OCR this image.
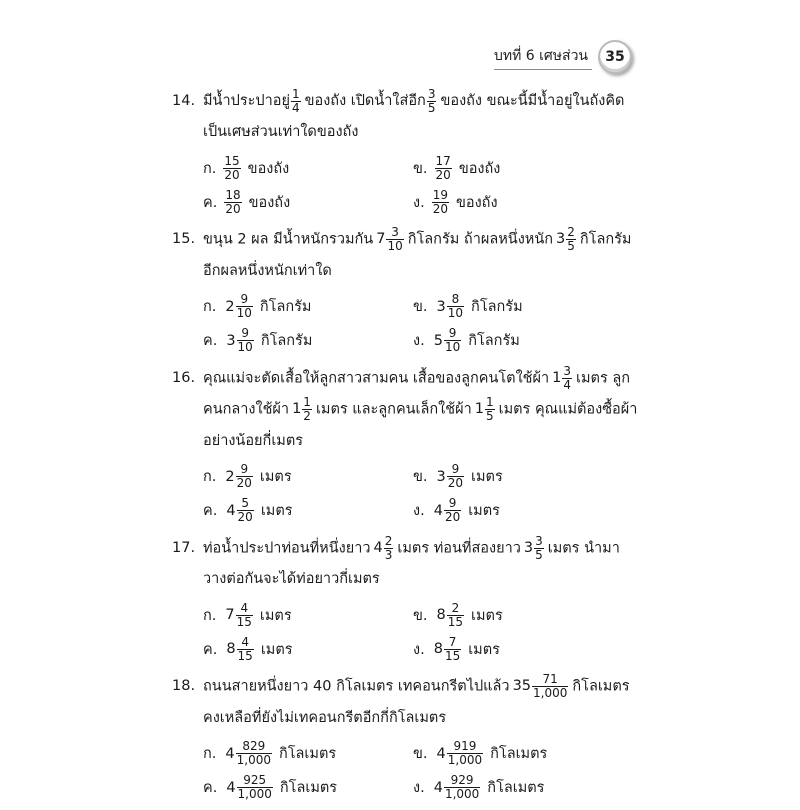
บทที่ 6 เศษส่วน	35
14. มีน้ำประปาอยู่ $\frac{1}{4}$ ของถัง เปิดน้ำใส่อีก $\frac{3}{5}$ ของถัง ขณะนี้มีน้ำอยู่ในถังคิด
เป็นเศษส่วนเท่าใดของถัง
ก. $\frac{15}{20}$ ของถัง	ข. $\frac{17}{20}$ ของถัง
ค. $\frac{18}{20}$ ของถัง	ง. $\frac{19}{20}$ ของถัง
15. ขนุน 2 ผล มีน้ำหนักรวมกัน $7 \frac{3}{10}$ กิโลกรัม ถ้าผลหนึ่งหนัก $3 \frac{2}{5}$ กิโลกรัม
อีกผลหนึ่งหนักเท่าใด
ก. $2 \frac{9}{10}$ กิโลกรัม	ข. $3 \frac{8}{10}$ กิโลกรัม
ค. $3 \frac{9}{10}$ กิโลกรัม	ง. $5 \frac{9}{10}$ กิโลกรัม
16. คุณแม่จะตัดเสื้อให้ลูกสาวสามคน เสื้อของลูกคนโตใช้ผ้า $1 \frac{3}{4}$ เมตร ลูก
คนกลางใช้ผ้า $1 \frac{1}{2}$ เมตร และลูกคนเล็กใช้ผ้า $1 \frac{1}{5}$ เมตร คุณแม่ต้องซื้อผ้า
อย่างน้อยกี่เมตร
ก. $2 \frac{9}{20}$ เมตร	ข. $3 \frac{9}{20}$ เมตร
ค. $4 \frac{5}{20}$ เมตร	ง. $4 \frac{9}{20}$ เมตร
17. ท่อน้ำประปาท่อนที่หนึ่งยาว $4 \frac{2}{3}$ เมตร ท่อนที่สองยาว $3 \frac{3}{5}$ เมตร นำมา
วางต่อกันจะได้ท่อยาวกี่เมตร
ก. $7 \frac{4}{15}$ เมตร	ข. $8 \frac{2}{15}$ เมตร
ค. $8 \frac{4}{15}$ เมตร	ง. $8 \frac{7}{15}$ เมตร
18. ถนนสายหนึ่งยาว 40 กิโลเมตร เทคอนกรีตไปแล้ว $35 \frac{71}{1,000}$ กิโลเมตร
คงเหลือที่ยังไม่เทคอนกรีตอีกกี่กิโลเมตร
ก. $4 \frac{829}{1,000}$ กิโลเมตร	ข. $4 \frac{919}{1,000}$ กิโลเมตร
ค. $4 \frac{925}{1,000}$ กิโลเมตร	ง. $4 \frac{929}{1,000}$ กิโลเมตร
